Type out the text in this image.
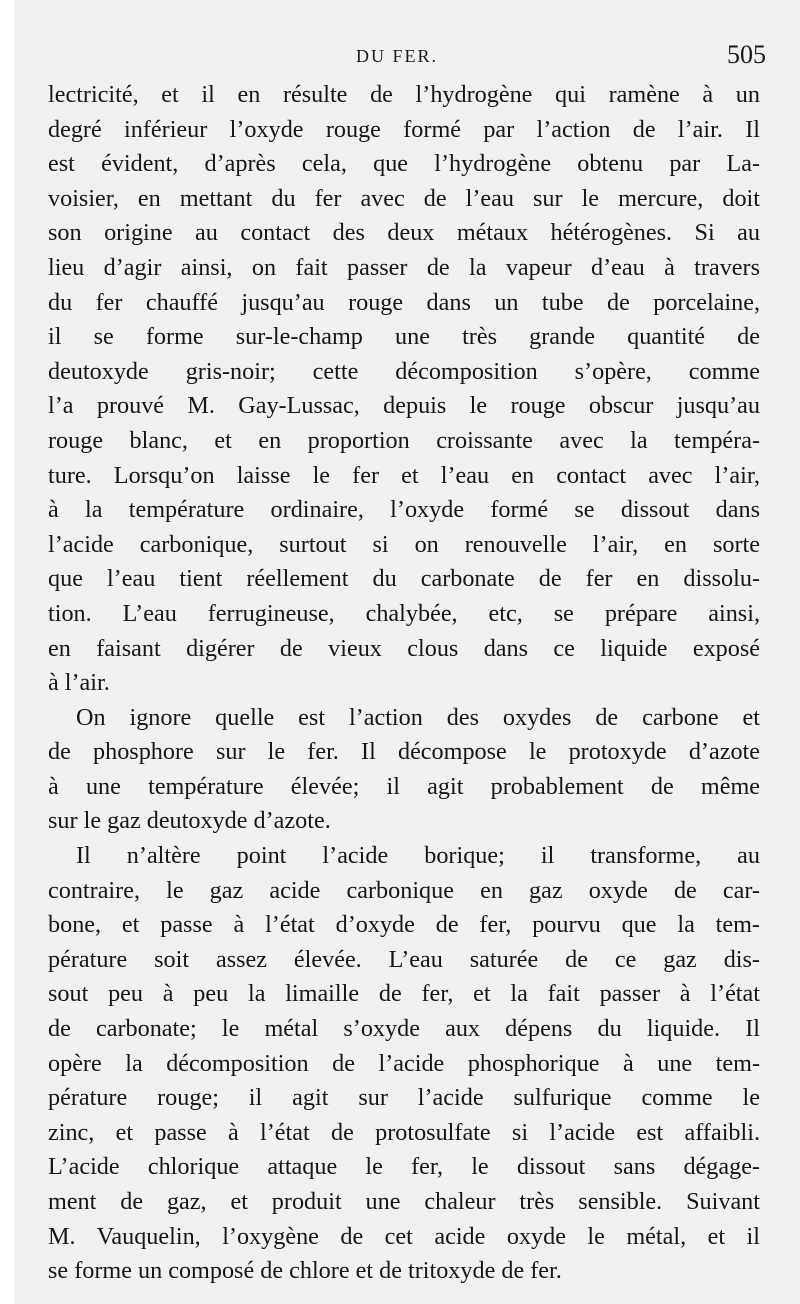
DU FER.	505
lectricité, et il en résulte de l’hydrogène qui ramène à un
degré inférieur l’oxyde rouge formé par l’action de l’air. Il
est évident, d’après cela, que l’hydrogène obtenu par La-
voisier, en mettant du fer avec de l’eau sur le mercure, doit
son origine au contact des deux métaux hétérogènes. Si au
lieu d’agir ainsi, on fait passer de la vapeur d’eau à travers
du fer chauffé jusqu’au rouge dans un tube de porcelaine,
il se forme sur-le-champ une très grande quantité de
deutoxyde gris-noir; cette décomposition s’opère, comme
l’a prouvé M. Gay-Lussac, depuis le rouge obscur jusqu’au
rouge blanc, et en proportion croissante avec la tempéra-
ture. Lorsqu’on laisse le fer et l’eau en contact avec l’air,
à la température ordinaire, l’oxyde formé se dissout dans
l’acide carbonique, surtout si on renouvelle l’air, en sorte
que l’eau tient réellement du carbonate de fer en dissolu-
tion. L’eau ferrugineuse, chalybée, etc, se prépare ainsi,
en faisant digérer de vieux clous dans ce liquide exposé
à l’air.
On ignore quelle est l’action des oxydes de carbone et
de phosphore sur le fer. Il décompose le protoxyde d’azote
à une température élevée; il agit probablement de même
sur le gaz deutoxyde d’azote.
Il n’altère point l’acide borique; il transforme, au
contraire, le gaz acide carbonique en gaz oxyde de car-
bone, et passe à l’état d’oxyde de fer, pourvu que la tem-
pérature soit assez élevée. L’eau saturée de ce gaz dis-
sout peu à peu la limaille de fer, et la fait passer à l’état
de carbonate; le métal s’oxyde aux dépens du liquide. Il
opère la décomposition de l’acide phosphorique à une tem-
pérature rouge; il agit sur l’acide sulfurique comme le
zinc, et passe à l’état de protosulfate si l’acide est affaibli.
L’acide chlorique attaque le fer, le dissout sans dégage-
ment de gaz, et produit une chaleur très sensible. Suivant
M. Vauquelin, l’oxygène de cet acide oxyde le métal, et il
se forme un composé de chlore et de tritoxyde de fer.
